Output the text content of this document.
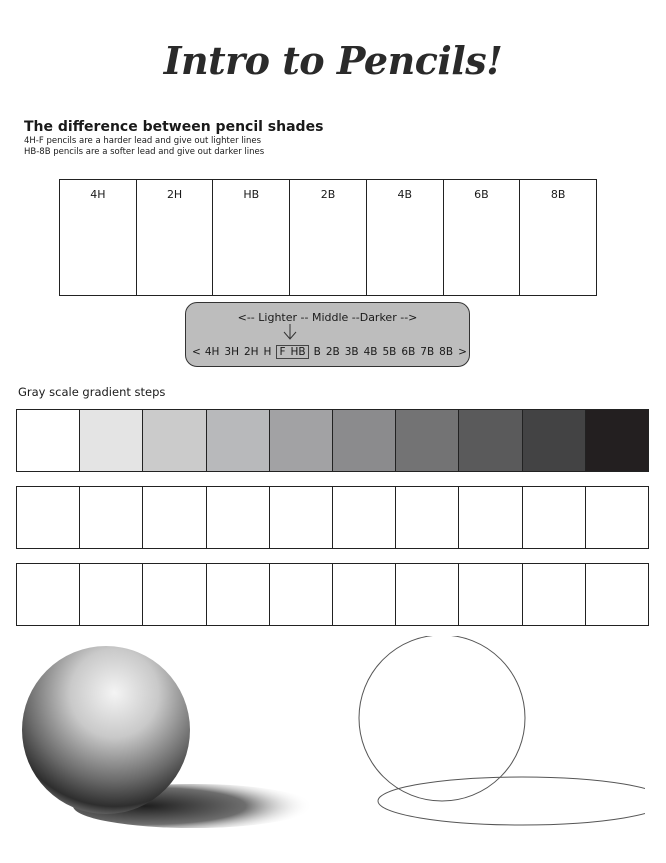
Intro to Pencils!
The difference between pencil shades

4H-F pencils are a harder lead and give out lighter lines

HB-8B pencils are a softer lead and give out darker lines

4H	2H	HB	2B	4B	6B	8B
<-- Lighter -- Middle --Darker -->
< 4H 3H 2H H F HB B 2B 3B 4B 5B 6B 7B 8B >

Gray scale gradient steps
